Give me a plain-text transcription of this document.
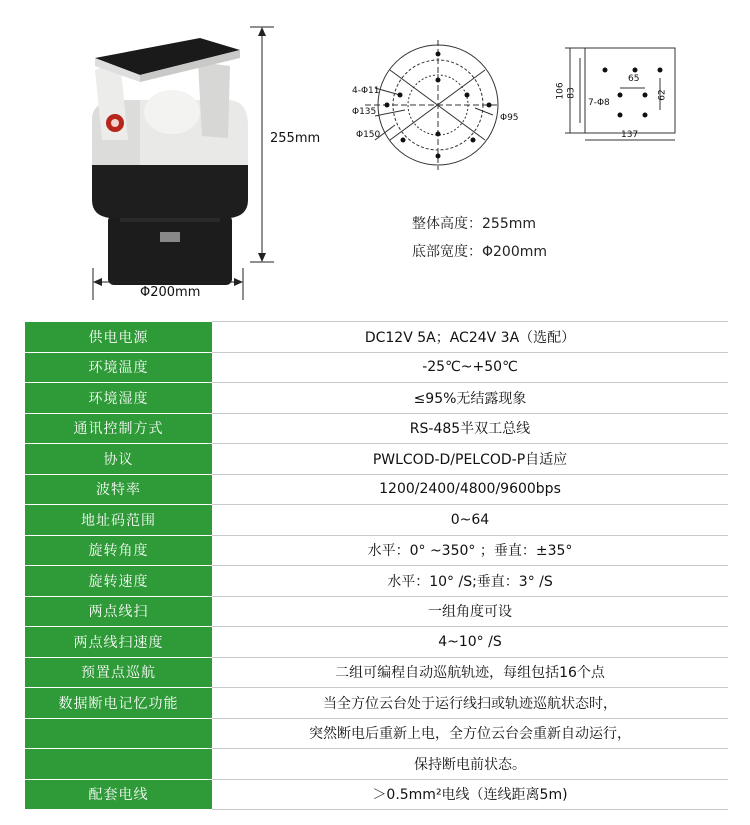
255mm
Φ200mm
4-Φ11
Φ135
Φ150
Φ95
106 83
65
62
7-Φ8
137
整体高度：255mm
底部宽度：Φ200mm
供电电源	DC12V 5A；AC24V 3A（选配）
环境温度	-25℃~+50℃
环境湿度	≤95%无结露现象
通讯控制方式	RS-485半双工总线
协议	PWLCOD-D/PELCOD-P自适应
波特率	1200/2400/4800/9600bps
地址码范围	0~64
旋转角度	水平：0° ~350° ；垂直：±35°
旋转速度	水平：10° /S;垂直：3° /S
两点线扫	一组角度可设
两点线扫速度	4~10° /S
预置点巡航	二组可编程自动巡航轨迹，每组包括16个点
数据断电记忆功能	当全方位云台处于运行线扫或轨迹巡航状态时，
	突然断电后重新上电，全方位云台会重新自动运行，
	保持断电前状态。
配套电线	＞0.5mm²电线（连线距离5m)
